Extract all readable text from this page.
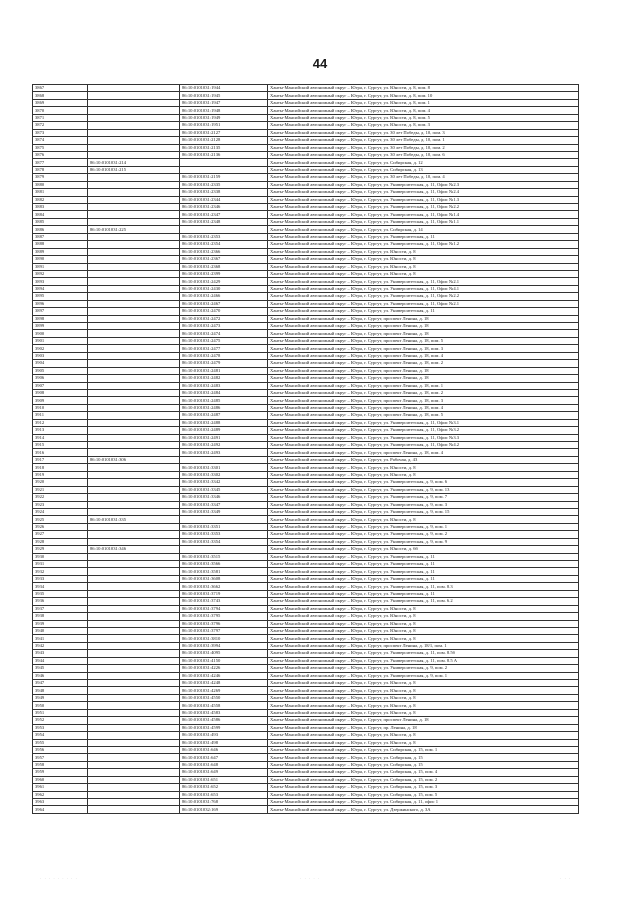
44
3867		86:10:0101031:1944	Ханты-Мансийский автономный округ – Югра, г. Сургут, ул. Юности, д. 8, пом. 8
3868		86:10:0101031:1945	Ханты-Мансийский автономный округ – Югра, г. Сургут, ул. Юности, д. 8, пом. 10
3869		86:10:0101031:1947	Ханты-Мансийский автономный округ – Югра, г. Сургут, ул. Юности, д. 8, пом. 1
3870		86:10:0101031:1948	Ханты-Мансийский автономный округ – Югра, г. Сургут, ул. Юности, д. 8, пом. 4
3871		86:10:0101031:1949	Ханты-Мансийский автономный округ – Югра, г. Сургут, ул. Юности, д. 8, пом. 5
3872		86:10:0101031:1951	Ханты-Мансийский автономный округ – Югра, г. Сургут, ул. Юности, д. 8, пом. 3
3873		86:10:0101031:2127	Ханты-Мансийский автономный округ – Югра, г. Сургут, ул. 30 лет Победы, д. 10, пом. 3
3874		86:10:0101031:2128	Ханты-Мансийский автономный округ – Югра, г. Сургут, ул. 30 лет Победы, д. 10, пом. 1
3875		86:10:0101031:2135	Ханты-Мансийский автономный округ – Югра, г. Сургут, ул. 30 лет Победы, д. 10, пом. 2
3876		86:10:0101031:2136	Ханты-Мансийский автономный округ – Югра, г. Сургут, ул. 30 лет Победы, д. 10, пом. 6
3877	86:10:0101031:214		Ханты-Мансийский автономный округ – Югра, г. Сургут, ул. Сибирская, д. 12
3878	86:10:0101031:215		Ханты-Мансийский автономный округ – Югра, г. Сургут, ул. Сибирская, д. 13
3879		86:10:0101031:2159	Ханты-Мансийский автономный округ – Югра, г. Сургут, ул. 30 лет Победы, д. 10, пом. 4
3880		86:10:0101031:2335	Ханты-Мансийский автономный округ – Югра, г. Сургут, ул. Университетская, д. 11, Офис №2.3
3881		86:10:0101031:2338	Ханты-Мансийский автономный округ – Югра, г. Сургут, ул. Университетская, д. 11, Офис №2.4
3882		86:10:0101031:2344	Ханты-Мансийский автономный округ – Югра, г. Сургут, ул. Университетская, д. 11, Офис №1.3
3883		86:10:0101031:2346	Ханты-Мансийский автономный округ – Югра, г. Сургут, ул. Университетская, д. 11, Офис №2.2
3884		86:10:0101031:2347	Ханты-Мансийский автономный округ – Югра, г. Сургут, ул. Университетская, д. 11, Офис №1.4
3885		86:10:0101031:2348	Ханты-Мансийский автономный округ – Югра, г. Сургут, ул. Университетская, д. 11, Офис №1.1
3886	86:10:0101031:225		Ханты-Мансийский автономный округ – Югра, г. Сургут, ул. Сибирская, д. 14
3887		86:10:0101031:2353	Ханты-Мансийский автономный округ – Югра, г. Сургут, ул. Университетская, д. 11
3888		86:10:0101031:2354	Ханты-Мансийский автономный округ – Югра, г. Сургут, ул. Университетская, д. 11, Офис №1.2
3889		86:10:0101031:2366	Ханты-Мансийский автономный округ – Югра, г. Сургут, ул. Юности, д. 8
3890		86:10:0101031:2367	Ханты-Мансийский автономный округ – Югра, г. Сургут, ул. Юности, д. 8
3891		86:10:0101031:2368	Ханты-Мансийский автономный округ – Югра, г. Сургут, ул. Юности, д. 8
3892		86:10:0101031:2399	Ханты-Мансийский автономный округ – Югра, г. Сургут, ул. Юности, д. 8
3893		86:10:0101031:2429	Ханты-Мансийский автономный округ – Югра, г. Сургут, ул. Университетская, д. 11, Офис №2.1
3894		86:10:0101031:2430	Ханты-Мансийский автономный округ – Югра, г. Сургут, ул. Университетская, д. 11, Офис №4.1
3895		86:10:0101031:2466	Ханты-Мансийский автономный округ – Югра, г. Сургут, ул. Университетская, д. 11, Офис №2.2
3896		86:10:0101031:2467	Ханты-Мансийский автономный округ – Югра, г. Сургут, ул. Университетская, д. 11, Офис №2.1
3897		86:10:0101031:2470	Ханты-Мансийский автономный округ – Югра, г. Сургут, ул. Университетская, д. 11
3898		86:10:0101031:2472	Ханты-Мансийский автономный округ – Югра, г. Сургут, проспект Ленина, д. 18
3899		86:10:0101031:2473	Ханты-Мансийский автономный округ – Югра, г. Сургут, проспект Ленина, д. 18
3900		86:10:0101031:2474	Ханты-Мансийский автономный округ – Югра, г. Сургут, проспект Ленина, д. 18
3901		86:10:0101031:2475	Ханты-Мансийский автономный округ – Югра, г. Сургут, проспект Ленина, д. 18, пом. 5
3902		86:10:0101031:2477	Ханты-Мансийский автономный округ – Югра, г. Сургут, проспект Ленина, д. 18, пом. 3
3903		86:10:0101031:2478	Ханты-Мансийский автономный округ – Югра, г. Сургут, проспект Ленина, д. 18, пом. 4
3904		86:10:0101031:2479	Ханты-Мансийский автономный округ – Югра, г. Сургут, проспект Ленина, д. 18, пом. 2
3905		86:10:0101031:2481	Ханты-Мансийский автономный округ – Югра, г. Сургут, проспект Ленина, д. 18
3906		86:10:0101031:2482	Ханты-Мансийский автономный округ – Югра, г. Сургут, проспект Ленина, д. 18
3907		86:10:0101031:2483	Ханты-Мансийский автономный округ – Югра, г. Сургут, проспект Ленина, д. 18, пом. 1
3908		86:10:0101031:2484	Ханты-Мансийский автономный округ – Югра, г. Сургут, проспект Ленина, д. 18, пом. 2
3909		86:10:0101031:2485	Ханты-Мансийский автономный округ – Югра, г. Сургут, проспект Ленина, д. 18, пом. 3
3910		86:10:0101031:2486	Ханты-Мансийский автономный округ – Югра, г. Сургут, проспект Ленина, д. 18, пом. 4
3911		86:10:0101031:2487	Ханты-Мансийский автономный округ – Югра, г. Сургут, проспект Ленина, д. 18, пом. 5
3912		86:10:0101031:2488	Ханты-Мансийский автономный округ – Югра, г. Сургут, ул. Университетская, д. 11, Офис №3.1
3913		86:10:0101031:2489	Ханты-Мансийский автономный округ – Югра, г. Сургут, ул. Университетская, д. 11, Офис №3.2
3914		86:10:0101031:2491	Ханты-Мансийский автономный округ – Югра, г. Сургут, ул. Университетская, д. 11, Офис №3.3
3915		86:10:0101031:2492	Ханты-Мансийский автономный округ – Югра, г. Сургут, ул. Университетская, д. 11, Офис №4.2
3916		86:10:0101031:2493	Ханты-Мансийский автономный округ – Югра, г. Сургут, проспект Ленина, д. 18, пом. 4
3917	86:10:0101031:306		Ханты-Мансийский автономный округ – Югра, г. Сургут, ул. Рабочая, д. 43
3918		86:10:0101031:3301	Ханты-Мансийский автономный округ – Югра, г. Сургут, ул. Юности, д. 8
3919		86:10:0101031:3302	Ханты-Мансийский автономный округ – Югра, г. Сургут, ул. Юности, д. 8
3920		86:10:0101031:3342	Ханты-Мансийский автономный округ – Югра, г. Сургут, ул. Университетская, д. 9, пом. 6
3921		86:10:0101031:3345	Ханты-Мансийский автономный округ – Югра, г. Сургут, ул. Университетская, д. 9, пом. 13
3922		86:10:0101031:3346	Ханты-Мансийский автономный округ – Югра, г. Сургут, ул. Университетская, д. 9, пом. 7
3923		86:10:0101031:3347	Ханты-Мансийский автономный округ – Югра, г. Сургут, ул. Университетская, д. 9, пом. 3
3924		86:10:0101031:3349	Ханты-Мансийский автономный округ – Югра, г. Сургут, ул. Университетская, д. 9, пом. 15
3925	86:10:0101031:335		Ханты-Мансийский автономный округ – Югра, г. Сургут, ул. Юности, д. 8
3926		86:10:0101031:3351	Ханты-Мансийский автономный округ – Югра, г. Сургут, ул. Университетская, д. 9, пом. 1
3927		86:10:0101031:3353	Ханты-Мансийский автономный округ – Югра, г. Сургут, ул. Университетская, д. 9, пом. 2
3928		86:10:0101031:3354	Ханты-Мансийский автономный округ – Югра, г. Сургут, ул. Университетская, д. 9, пом. 9
3929	86:10:0101031:346		Ханты-Мансийский автономный округ – Югра, г. Сургут, ул. Юности, д. 6б
3930		86:10:0101031:3515	Ханты-Мансийский автономный округ – Югра, г. Сургут, ул. Университетская, д. 11
3931		86:10:0101031:3566	Ханты-Мансийский автономный округ – Югра, г. Сургут, ул. Университетская, д. 11
3932		86:10:0101031:3581	Ханты-Мансийский автономный округ – Югра, г. Сургут, ул. Университетская, д. 11
3933		86:10:0101031:3608	Ханты-Мансийский автономный округ – Югра, г. Сургут, ул. Университетская, д. 11
3934		86:10:0101031:3662	Ханты-Мансийский автономный округ – Югра, г. Сургут, ул. Университетская, д. 11, пом. 8.3
3935		86:10:0101031:3719	Ханты-Мансийский автономный округ – Югра, г. Сургут, ул. Университетская, д. 11
3936		86:10:0101031:3743	Ханты-Мансийский автономный округ – Югра, г. Сургут, ул. Университетская, д. 11, пом. 6.2
3937		86:10:0101031:3794	Ханты-Мансийский автономный округ – Югра, г. Сургут, ул. Юности, д. 8
3938		86:10:0101031:3795	Ханты-Мансийский автономный округ – Югра, г. Сургут, ул. Юности, д. 8
3939		86:10:0101031:3796	Ханты-Мансийский автономный округ – Югра, г. Сургут, ул. Юности, д. 8
3940		86:10:0101031:3797	Ханты-Мансийский автономный округ – Югра, г. Сургут, ул. Юности, д. 8
3941		86:10:0101031:3810	Ханты-Мансийский автономный округ – Югра, г. Сургут, ул. Юности, д. 8
3942		86:10:0101031:3994	Ханты-Мансийский автономный округ – Югра, г. Сургут, проспект Ленина, д. 18/1, пом. 1
3943		86:10:0101031:4095	Ханты-Мансийский автономный округ – Югра, г. Сургут, ул. Университетская, д. 11, пом. 8.5б
3944		86:10:0101031:4150	Ханты-Мансийский автономный округ – Югра, г. Сургут, ул. Университетская, д. 11, пом. 8.5 А
3945		86:10:0101031:4226	Ханты-Мансийский автономный округ – Югра, г. Сургут, ул. Университетская, д. 9, пом. 2
3946		86:10:0101031:4246	Ханты-Мансийский автономный округ – Югра, г. Сургут, ул. Университетская, д. 9, пом. 1
3947		86:10:0101031:4248	Ханты-Мансийский автономный округ – Югра, г. Сургут, ул. Юности, д. 8
3948		86:10:0101031:4269	Ханты-Мансийский автономный округ – Югра, г. Сургут, ул. Юности, д. 8
3949		86:10:0101031:4550	Ханты-Мансийский автономный округ – Югра, г. Сургут, ул. Юности, д. 8
3950		86:10:0101031:4558	Ханты-Мансийский автономный округ – Югра, г. Сургут, ул. Юности, д. 8
3951		86:10:0101031:4583	Ханты-Мансийский автономный округ – Югра, г. Сургут, ул. Юности, д. 8
3952		86:10:0101031:4586	Ханты-Мансийский автономный округ – Югра, г. Сургут, проспект Ленина, д. 18
3953		86:10:0101031:4599	Ханты-Мансийский автономный округ – Югра, г. Сургут, пр. Ленина, д. 18
3954		86:10:0101031:493	Ханты-Мансийский автономный округ – Югра, г. Сургут, ул. Юности, д. 8
3955		86:10:0101031:498	Ханты-Мансийский автономный округ – Югра, г. Сургут, ул. Юности, д. 8
3956		86:10:0101031:646	Ханты-Мансийский автономный округ – Югра, г. Сургут, ул. Сибирская, д. 15, пом. 1
3957		86:10:0101031:647	Ханты-Мансийский автономный округ – Югра, г. Сургут, ул. Сибирская, д. 15
3958		86:10:0101031:648	Ханты-Мансийский автономный округ – Югра, г. Сургут, ул. Сибирская, д. 15
3959		86:10:0101031:649	Ханты-Мансийский автономный округ – Югра, г. Сургут, ул. Сибирская, д. 15, пом. 4
3960		86:10:0101031:651	Ханты-Мансийский автономный округ – Югра, г. Сургут, ул. Сибирская, д. 15, пом. 2
3961		86:10:0101031:652	Ханты-Мансийский автономный округ – Югра, г. Сургут, ул. Сибирская, д. 15, пом. 3
3962		86:10:0101031:653	Ханты-Мансийский автономный округ – Югра, г. Сургут, ул. Сибирская, д. 15, пом. 5
3963		86:10:0101031:768	Ханты-Мансийский автономный округ – Югра, г. Сургут, ул. Сибирская, д. 11, офис 1
3964		86:10:0101032:169	Ханты-Мансийский автономный округ – Югра, г. Сургут, ул. Дзержинского, д. 3А
· · · · · · · · ·	· · · · ·	· · ·
